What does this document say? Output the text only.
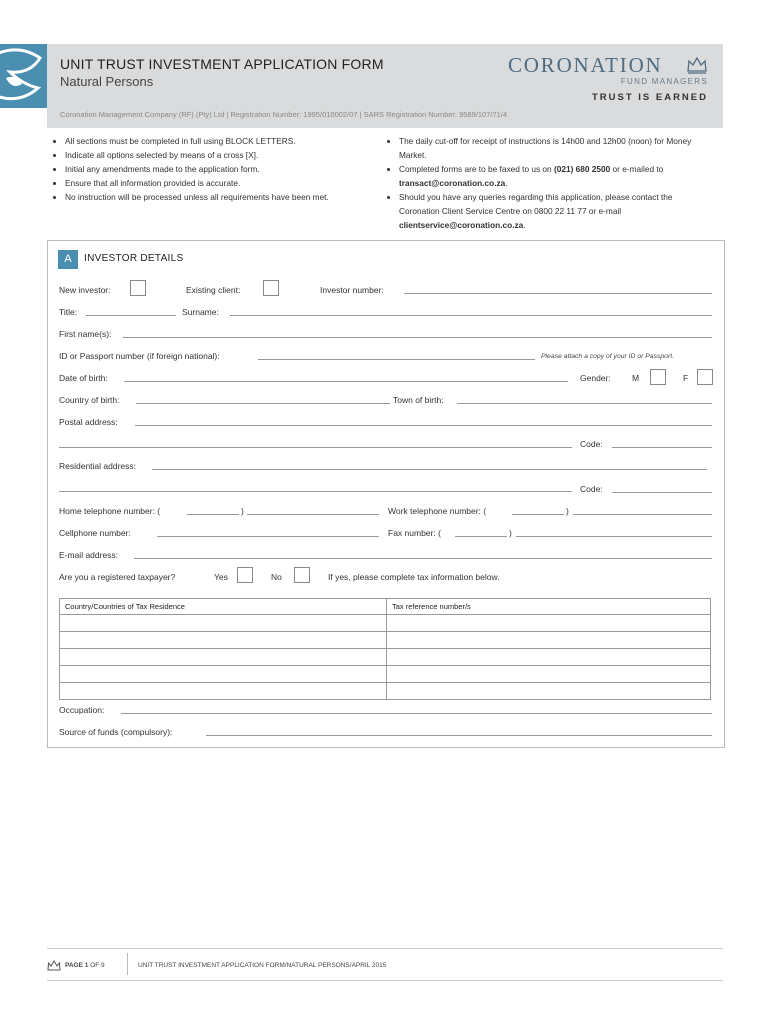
UNIT TRUST INVESTMENT APPLICATION FORM
Natural Persons
CORONATION
FUND MANAGERS
TRUST IS EARNED
Coronation Management Company (RF) (Pty) Ltd | Registration Number: 1995/010002/07 | SARS Registration Number: 9589/107/71/4
• All sections must be completed in full using BLOCK LETTERS.
• Indicate all options selected by means of a cross [X].
• Initial any amendments made to the application form.
• Ensure that all information provided is accurate.
• No instruction will be processed unless all requirements have been met.
• The daily cut-off for receipt of instructions is 14h00 and 12h00 (noon) for Money Market.
• Completed forms are to be faxed to us on (021) 680 2500 or e-mailed to transact@coronation.co.za.
• Should you have any queries regarding this application, please contact the Coronation Client Service Centre on 0800 22 11 77 or e-mail clientservice@coronation.co.za.
A	INVESTOR DETAILS
New investor:	Existing client:	Investor number:
Title:	Surname:
First name(s):
ID or Passport number (if foreign national):	Please attach a copy of your ID or Passport.
Date of birth:	Gender:	M	F
Country of birth:	Town of birth:
Postal address:
Code:
Residential address:
Code:
Home telephone number: (	)	Work telephone number: (	)
Cellphone number:	Fax number: (	)
E-mail address:
Are you a registered taxpayer?	Yes	No	If yes, please complete tax information below.
Country/Countries of Tax Residence	Tax reference number/s

Occupation:
Source of funds (compulsory):
PAGE 1 OF 9	UNIT TRUST INVESTMENT APPLICATION FORM/NATURAL PERSONS/APRIL 2015
